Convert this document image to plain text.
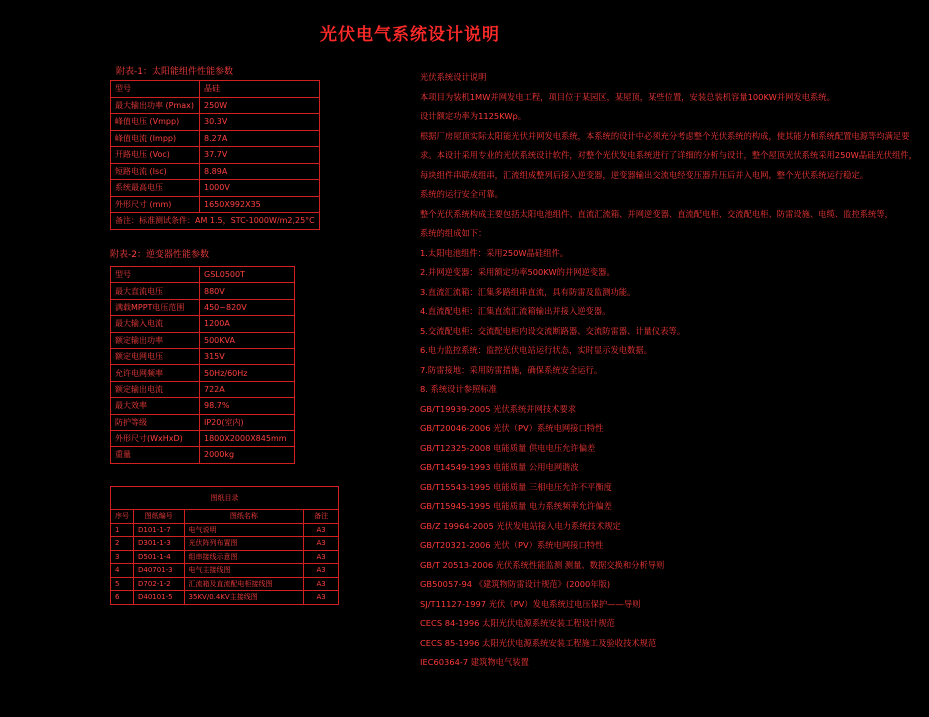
光伏电气系统设计说明
附表-1：太阳能组件性能参数
型号	晶硅
最大输出功率 (Pmax)	250W
峰值电压 (Vmpp)	30.3V
峰值电流 (Impp)	8.27A
开路电压 (Voc)	37.7V
短路电流 (Isc)	8.89A
系统最高电压	1000V
外形尺寸 (mm)	1650X992X35
备注：标准测试条件：AM 1.5，STC-1000W/m2,25°C	
附表-2：逆变器性能参数
型号	GSL0500T
最大直流电压	880V
满载MPPT电压范围	450~820V
最大输入电流	1200A
额定输出功率	500KVA
额定电网电压	315V
允许电网频率	50Hz/60Hz
额定输出电流	722A
最大效率	98.7%
防护等级	IP20(室内)
外形尺寸(WxHxD)	1800X2000X845mm
重量	2000kg
图纸目录			
序号	图纸编号	图纸名称	备注
1	D101-1-7	电气说明	A3
2	D301-1-3	光伏阵列布置图	A3
3	D501-1-4	组串接线示意图	A3
4	D40701-3	电气主接线图	A3
5	D702-1-2	汇流箱及直流配电柜接线图	A3
6	D40101-5	35KV/0.4KV主接线图	A3

光伏系统设计说明

本项目为装机1MW并网发电工程，项目位于某园区，某屋顶，某些位置，安装总装机容量100KW并网发电系统。

设计额定功率为1125KWp。

根据厂房屋顶实际太阳能光伏并网发电系统，本系统的设计中必须充分考虑整个光伏系统的构成，使其能力和系统配置电源等均满足要

求。本设计采用专业的光伏系统设计软件，对整个光伏发电系统进行了详细的分析与设计，整个屋顶光伏系统采用250W晶硅光伏组件，

每块组件串联成组串，汇流组成整列后接入逆变器，逆变器输出交流电经变压器升压后并入电网，整个光伏系统运行稳定。

系统的运行安全可靠。

整个光伏系统构成主要包括太阳电池组件、直流汇流箱、并网逆变器、直流配电柜、交流配电柜、防雷设施、电缆、监控系统等，

系统的组成如下：

1.太阳电池组件：采用250W晶硅组件。

2.并网逆变器：采用额定功率500KW的并网逆变器。

3.直流汇流箱：汇集多路组串直流，具有防雷及监测功能。

4.直流配电柜：汇集直流汇流箱输出并接入逆变器。

5.交流配电柜：交流配电柜内设交流断路器、交流防雷器、计量仪表等。

6.电力监控系统：监控光伏电站运行状态，实时显示发电数据。

7.防雷接地：采用防雷措施，确保系统安全运行。

8. 系统设计参照标准

GB/T19939-2005 光伏系统并网技术要求

GB/T20046-2006 光伏（PV）系统电网接口特性

GB/T12325-2008 电能质量 供电电压允许偏差

GB/T14549-1993 电能质量 公用电网谐波

GB/T15543-1995 电能质量 三相电压允许不平衡度

GB/T15945-1995 电能质量 电力系统频率允许偏差

GB/Z 19964-2005 光伏发电站接入电力系统技术规定

GB/T20321-2006 光伏（PV）系统电网接口特性

GB/T 20513-2006 光伏系统性能监测 测量、数据交换和分析导则

GB50057-94 《建筑物防雷设计规范》(2000年版)

SJ/T11127-1997 光伏（PV）发电系统过电压保护——导则

CECS 84-1996 太阳光伏电源系统安装工程设计规范

CECS 85-1996 太阳光伏电源系统安装工程施工及验收技术规范

IEC60364-7 建筑物电气装置
